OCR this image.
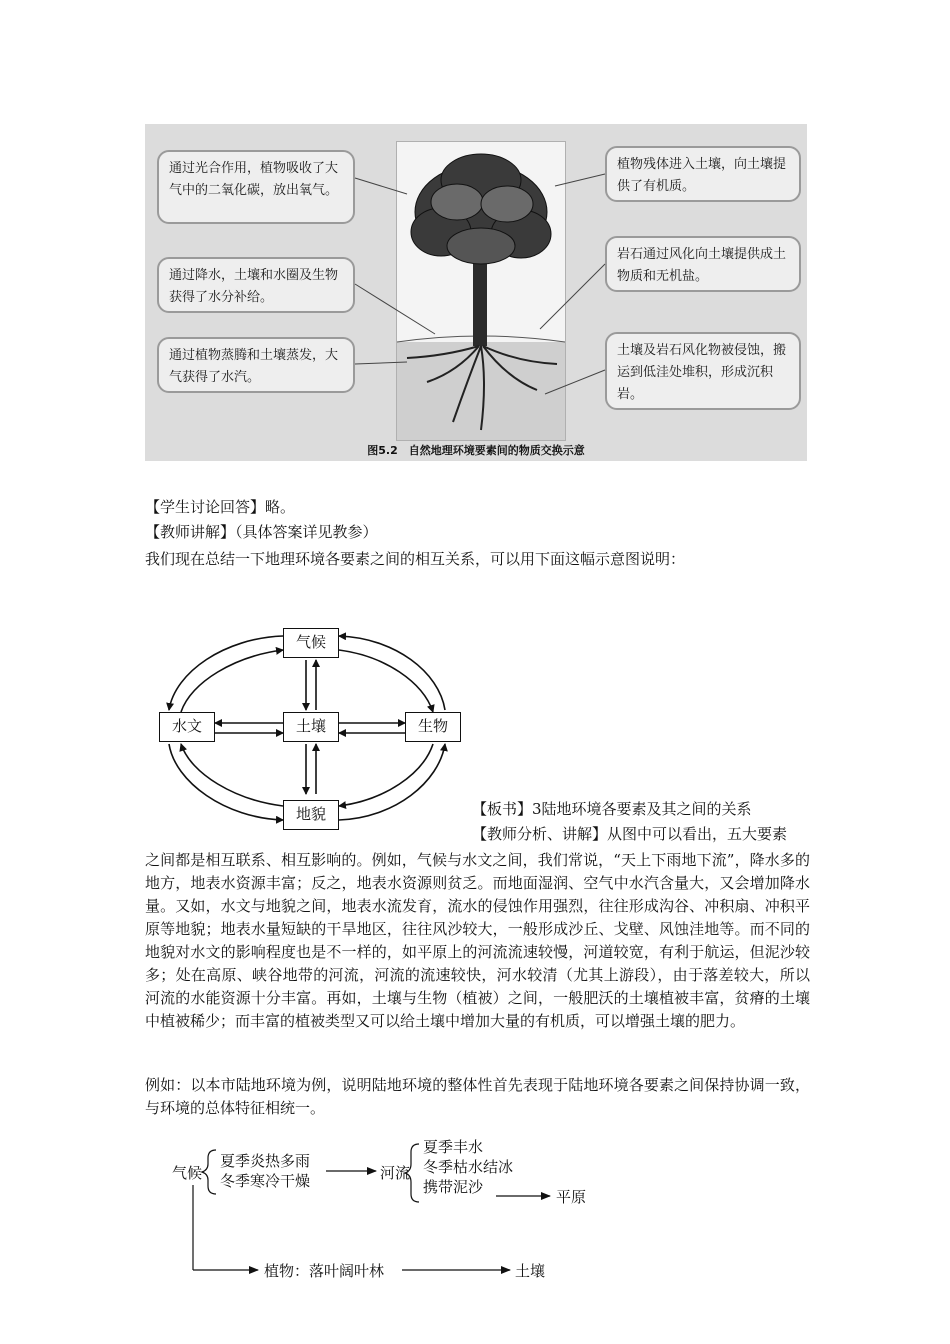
通过光合作用，植物吸收了大气中的二氧化碳，放出氧气。
通过降水，土壤和水圈及生物获得了水分补给。
通过植物蒸腾和土壤蒸发，大气获得了水汽。
植物残体进入土壤，向土壤提供了有机质。
岩石通过风化向土壤提供成土物质和无机盐。
土壤及岩石风化物被侵蚀，搬运到低洼处堆积，形成沉积岩。
图5.2　自然地理环境要素间的物质交换示意

【学生讨论回答】略。

【教师讲解】（具体答案详见教参）

我们现在总结一下地理环境各要素之间的相互关系，可以用下面这幅示意图说明：

气候
水文	土壤	生物
地貌	【板书】3陆地环境各要素及其之间的关系

【教师分析、讲解】从图中可以看出，五大要素

之间都是相互联系、相互影响的。例如，气候与水文之间，我们常说，“天上下雨地下流”，降水多的地方，地表水资源丰富；反之，地表水资源则贫乏。而地面湿润、空气中水汽含量大，又会增加降水量。又如，水文与地貌之间，地表水流发育，流水的侵蚀作用强烈，往往形成沟谷、冲积扇、冲积平原等地貌；地表水量短缺的干旱地区，往往风沙较大，一般形成沙丘、戈壁、风蚀洼地等。而不同的地貌对水文的影响程度也是不一样的，如平原上的河流流速较慢，河道较宽，有利于航运，但泥沙较多；处在高原、峡谷地带的河流，河流的流速较快，河水较清（尤其上游段），由于落差较大，所以河流的水能资源十分丰富。再如，土壤与生物（植被）之间，一般肥沃的土壤植被丰富，贫瘠的土壤中植被稀少；而丰富的植被类型又可以给土壤中增加大量的有机质，可以增强土壤的肥力。

例如：以本市陆地环境为例，说明陆地环境的整体性首先表现于陆地环境各要素之间保持协调一致，与环境的总体特征相统一。

气候
夏季炎热多雨
冬季寒冷干燥	河流
夏季丰水
冬季枯水结冰
携带泥沙
平原
植物：落叶阔叶林	土壤
